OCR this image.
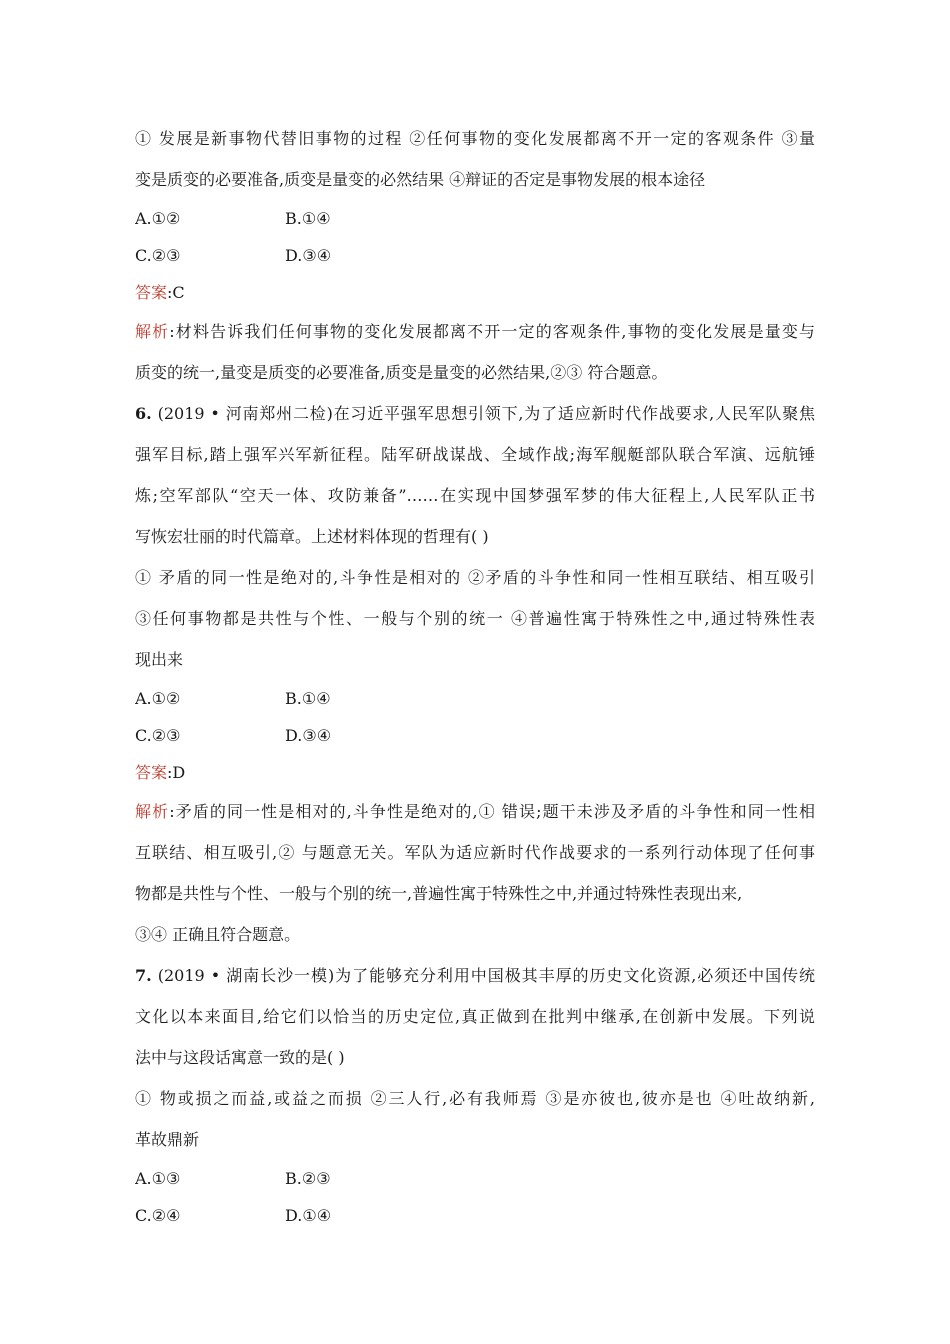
① 发展是新事物代替旧事物的过程 ②任何事物的变化发展都离不开一定的客观条件 ③量
变是质变的必要准备,质变是量变的必然结果 ④辩证的否定是事物发展的根本途径
A.①②	B.①④
C.②③	D.③④
答案:C
解析:材料告诉我们任何事物的变化发展都离不开一定的客观条件,事物的变化发展是量变与
质变的统一,量变是质变的必要准备,质变是量变的必然结果,②③ 符合题意。
6. (2019 • 河南郑州二检)在习近平强军思想引领下,为了适应新时代作战要求,人民军队聚焦
强军目标,踏上强军兴军新征程。陆军研战谋战、全域作战;海军舰艇部队联合军演、远航锤
炼;空军部队“空天一体、攻防兼备”……在实现中国梦强军梦的伟大征程上,人民军队正书
写恢宏壮丽的时代篇章。上述材料体现的哲理有( )
① 矛盾的同一性是绝对的,斗争性是相对的 ②矛盾的斗争性和同一性相互联结、相互吸引
③任何事物都是共性与个性、一般与个别的统一 ④普遍性寓于特殊性之中,通过特殊性表
现出来
A.①②	B.①④
C.②③	D.③④
答案:D
解析:矛盾的同一性是相对的,斗争性是绝对的,① 错误;题干未涉及矛盾的斗争性和同一性相
互联结、相互吸引,② 与题意无关。军队为适应新时代作战要求的一系列行动体现了任何事
物都是共性与个性、一般与个别的统一,普遍性寓于特殊性之中,并通过特殊性表现出来,
③④ 正确且符合题意。
7. (2019 • 湖南长沙一模)为了能够充分利用中国极其丰厚的历史文化资源,必须还中国传统
文化以本来面目,给它们以恰当的历史定位,真正做到在批判中继承,在创新中发展。下列说
法中与这段话寓意一致的是( )
① 物或损之而益,或益之而损 ②三人行,必有我师焉 ③是亦彼也,彼亦是也 ④吐故纳新,
革故鼎新
A.①③	B.②③
C.②④	D.①④
